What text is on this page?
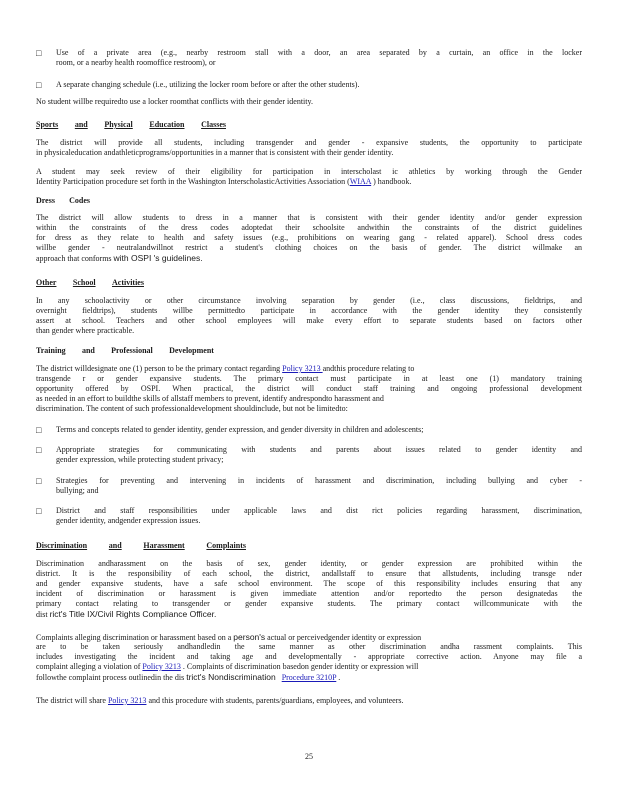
□	Use of a private area (e.g., nearby restroom stall with a door, an area separated by a curtain, an office in the locker
room, or a nearby health roomoffice restroom), or
□	A separate changing schedule (i.e., utilizing the locker room before or after the other students).

No student willbe requiredto use a locker roomthat conflicts with their gender identity.

Sports and Physical Education Classes

The district will provide all students, including transgender and gender - expansive students, the opportunity to participate

in physicaleducation andathleticprograms/opportunities in a manner that is consistent with their gender identity.

A student may seek review of their eligibility for participation in interscholast ic athletics by working through the Gender

Identity Participation procedure set forth in the Washington InterscholasticActivities Association (WIAA ) handbook.

Dress Codes

The district will allow students to dress in a manner that is consistent with their gender identity and/or gender expression

within the constraints of the dress codes adoptedat their schoolsite andwithin the constraints of the district guidelines

for dress as they relate to health and safety issues (e.g., prohibitions on wearing gang - related apparel). School dress codes

willbe gender - neutralandwillnot restrict a student's clothing choices on the basis of gender. The district willmake an

approach that conforms with OSPI 's guidelines.

Other School Activities

In any schoolactivity or other circumstance involving separation by gender (i.e., class discussions, fieldtrips, and

overnight fieldtrips), students willbe permittedto participate in accordance with the gender identity they consistently

assert at school. Teachers and other school employees will make every effort to separate students based on factors other

than gender where practicable.

Training and Professional Development

The district willdesignate one (1) person to be the primary contact regarding Policy 3213 andthis procedure relating to

transgende r or gender expansive students. The primary contact must participate in at least one (1) mandatory training

opportunity offered by OSPI. When practical, the district will conduct staff training and ongoing professional development

as needed in an effort to buildthe skills of allstaff members to prevent, identify andrespondto harassment and

discrimination. The content of such professionaldevelopment shouldinclude, but not be limitedto:

□	Terms and concepts related to gender identity, gender expression, and gender diversity in children and adolescents;
□	Appropriate strategies for communicating with students and parents about issues related to gender identity and
gender expression, while protecting student privacy;
□	Strategies for preventing and intervening in incidents of harassment and discrimination, including bullying and cyber -
bullying; and
□	District and staff responsibilities under applicable laws and dist rict policies regarding harassment, discrimination,
gender identity, andgender expression issues.
Discrimination	and	Harassment	Complaints

Discrimination andharassment on the basis of sex, gender identity, or gender expression are prohibited within the

district. It is the responsibility of each school, the district, andallstaff to ensure that allstudents, including transge nder

and gender expansive students, have a safe school environment. The scope of this responsibility includes ensuring that any

incident of discrimination or harassment is given immediate attention and/or reportedto the person designatedas the

primary contact relating to transgender or gender expansive students. The primary contact willcommunicate with the

dist rict's Title IX/Civil Rights Compliance Officer.

Complaints alleging discrimination or harassment based on a person's actual or perceivedgender identity or expression

are to be taken seriously andhandledin the same manner as other discrimination andha rassment complaints. This

includes investigating the incident and taking age and developmentally - appropriate corrective action. Anyone may file a

complaint alleging a violation of Policy 3213 . Complaints of discrimination basedon gender identity or expression will

followthe complaint process outlinedin the dis trict's Nondiscrimination Procedure 3210P .

The district will share Policy 3213 and this procedure with students, parents/guardians, employees, and volunteers.

25
